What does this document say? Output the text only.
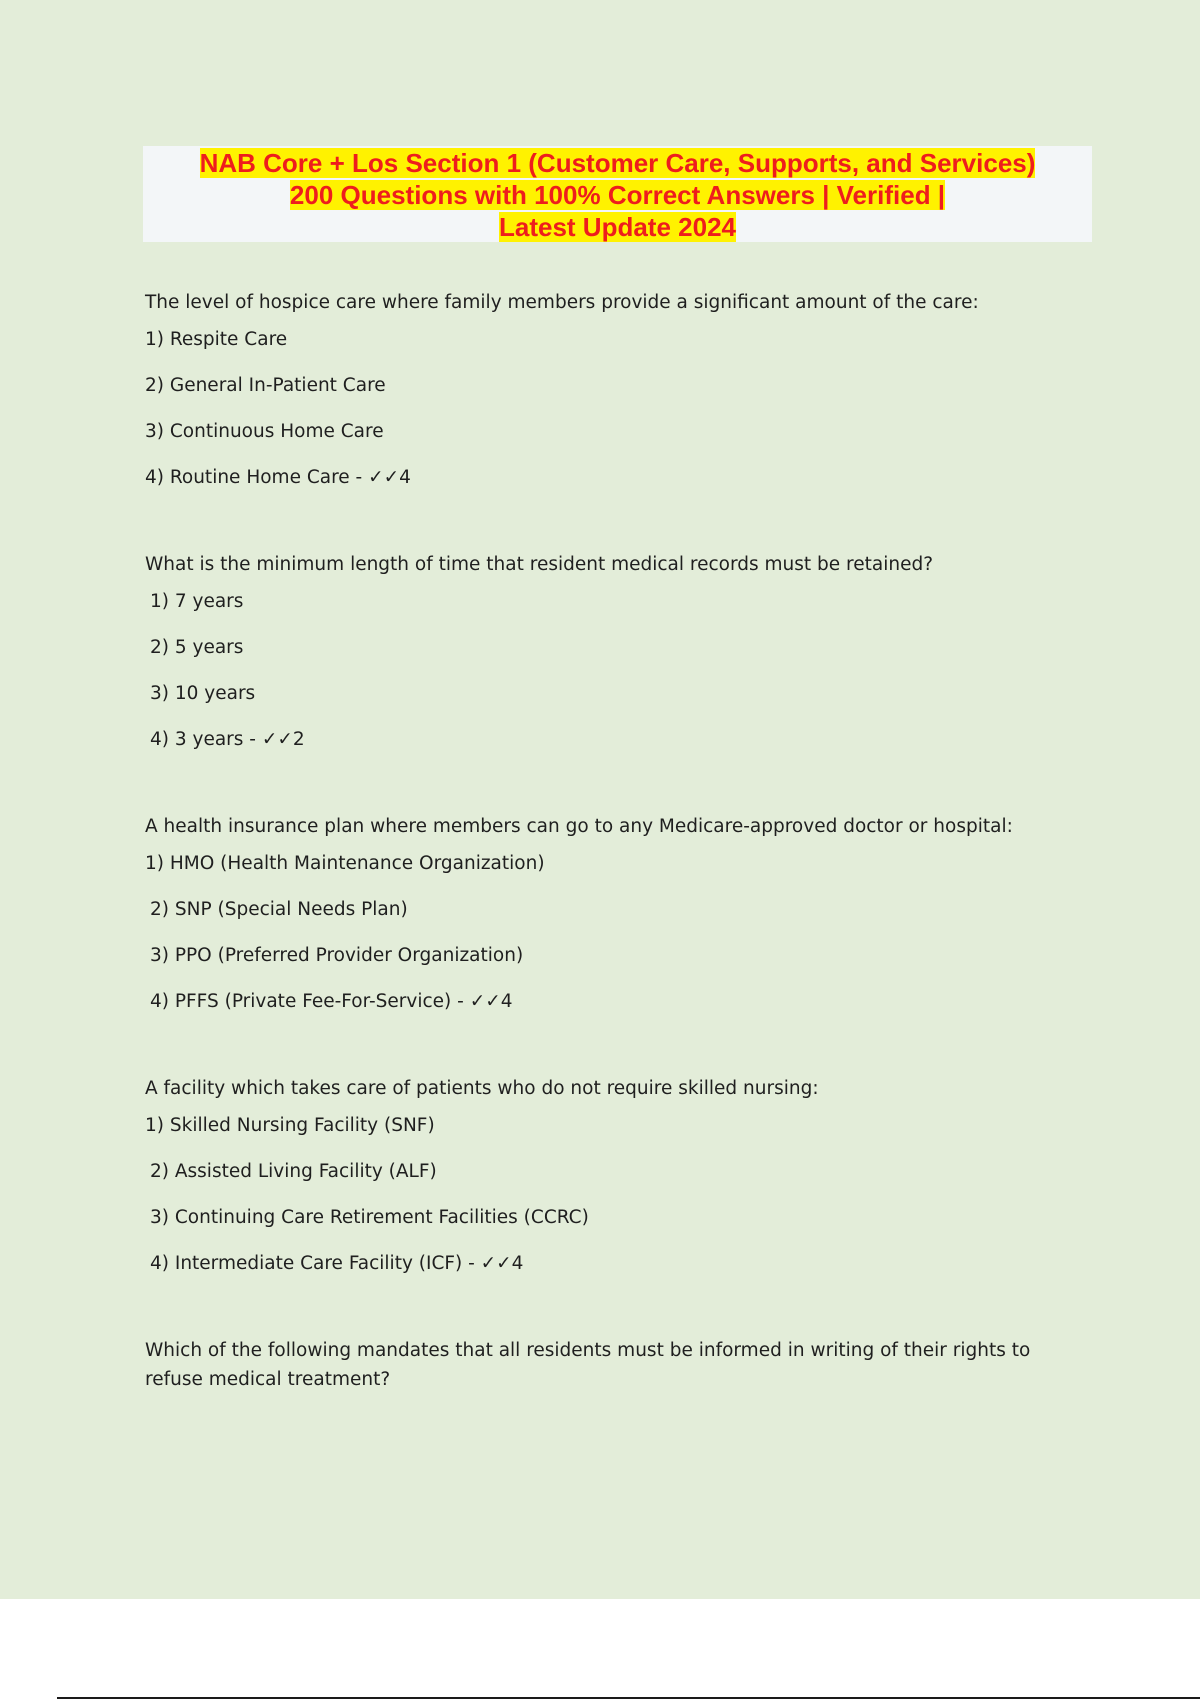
NAB Core + Los Section 1 (Customer Care, Supports, and Services)

200 Questions with 100% Correct Answers | Verified |

Latest Update 2024

The level of hospice care where family members provide a significant amount of the care:

1) Respite Care

2) General In-Patient Care

3) Continuous Home Care

4) Routine Home Care - ✓✓4

What is the minimum length of time that resident medical records must be retained?

1) 7 years

2) 5 years

3) 10 years

4) 3 years - ✓✓2

A health insurance plan where members can go to any Medicare-approved doctor or hospital:

1) HMO (Health Maintenance Organization)

2) SNP (Special Needs Plan)

3) PPO (Preferred Provider Organization)

4) PFFS (Private Fee-For-Service) - ✓✓4

A facility which takes care of patients who do not require skilled nursing:

1) Skilled Nursing Facility (SNF)

2) Assisted Living Facility (ALF)

3) Continuing Care Retirement Facilities (CCRC)

4) Intermediate Care Facility (ICF) - ✓✓4

Which of the following mandates that all residents must be informed in writing of their rights to refuse medical treatment?
